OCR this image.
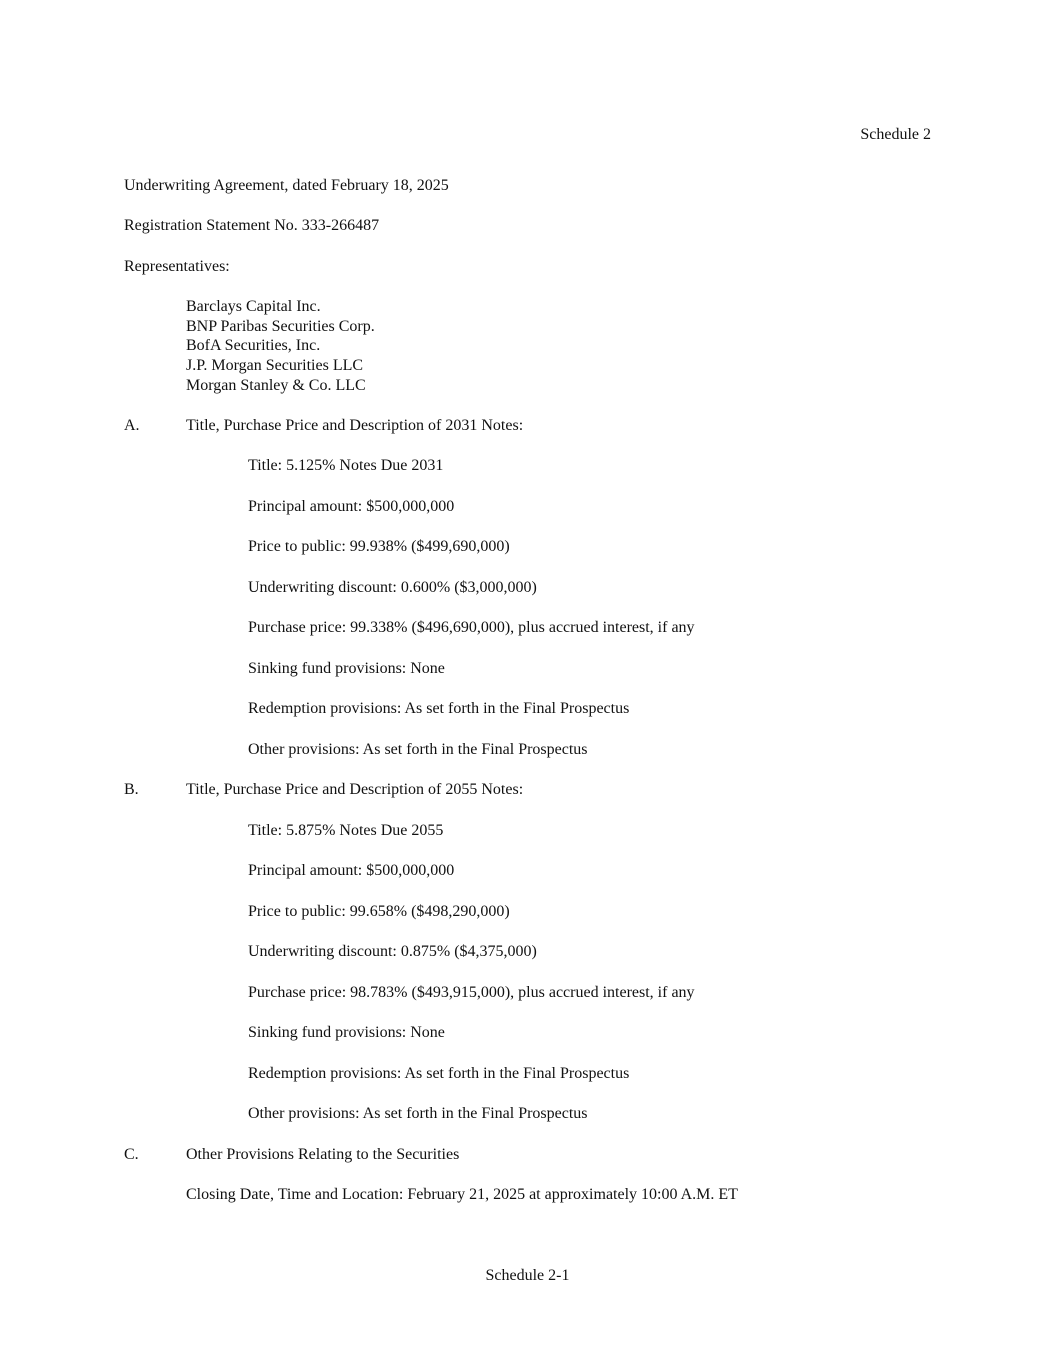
Schedule 2
Underwriting Agreement, dated February 18, 2025
Registration Statement No. 333-266487
Representatives:
Barclays Capital Inc.
BNP Paribas Securities Corp.
BofA Securities, Inc.
J.P. Morgan Securities LLC
Morgan Stanley & Co. LLC
A.	Title, Purchase Price and Description of 2031 Notes:
Title: 5.125% Notes Due 2031
Principal amount: $500,000,000
Price to public: 99.938% ($499,690,000)
Underwriting discount: 0.600% ($3,000,000)
Purchase price: 99.338% ($496,690,000), plus accrued interest, if any
Sinking fund provisions: None
Redemption provisions: As set forth in the Final Prospectus
Other provisions: As set forth in the Final Prospectus
B.	Title, Purchase Price and Description of 2055 Notes:
Title: 5.875% Notes Due 2055
Principal amount: $500,000,000
Price to public: 99.658% ($498,290,000)
Underwriting discount: 0.875% ($4,375,000)
Purchase price: 98.783% ($493,915,000), plus accrued interest, if any
Sinking fund provisions: None
Redemption provisions: As set forth in the Final Prospectus
Other provisions: As set forth in the Final Prospectus
C.	Other Provisions Relating to the Securities
Closing Date, Time and Location: February 21, 2025 at approximately 10:00 A.M. ET
Schedule 2-1
